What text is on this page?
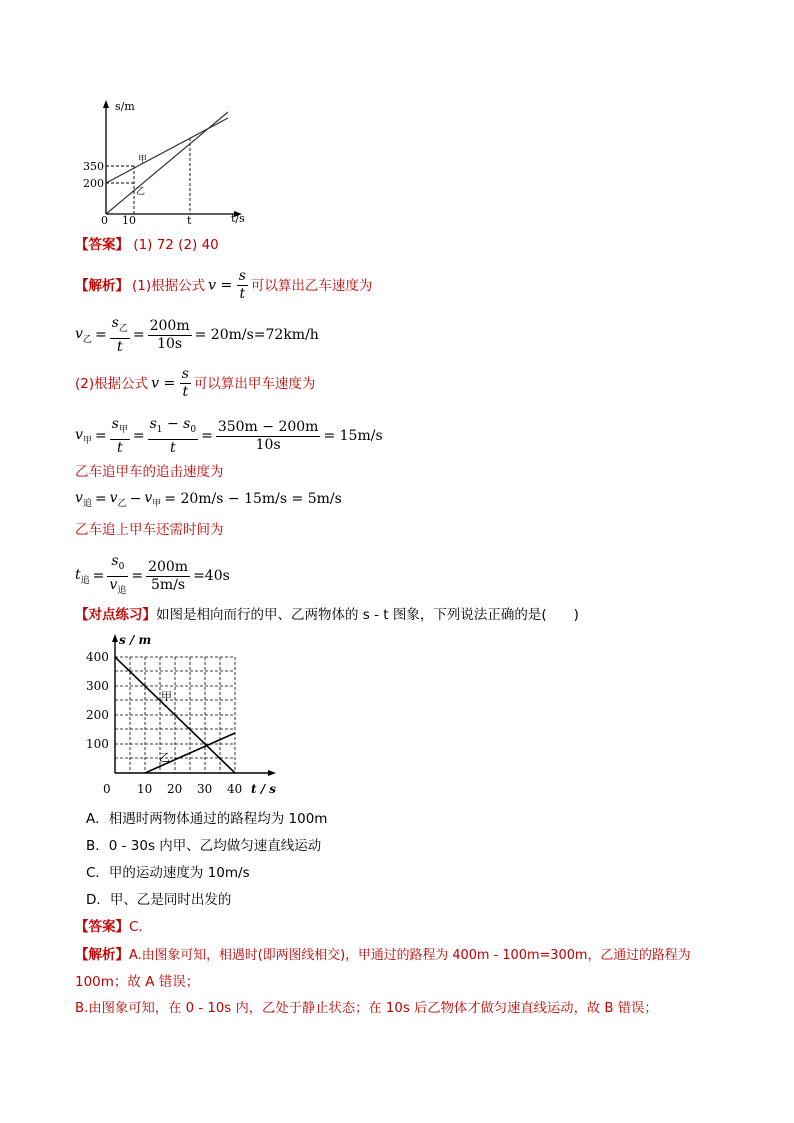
s/m
t/s
350
200
0 10	t
甲
乙
【答案】 (1) 72 (2) 40
【解析】 (1)根据公式 $v = \frac{s}{t}$ 可以算出乙车速度为
$v_乙 = \frac{s_乙}{t} = \frac{200m}{10s} = 20m/s=72km/h$
(2)根据公式 $v = \frac{s}{t}$ 可以算出甲车速度为
$v_甲 = \frac{s_甲}{t} = \frac{s_1 - s_0}{t} = \frac{350m - 200m}{10s} = 15m/s$
乙车追甲车的追击速度为
$v_追 = v_乙 - v_甲 = 20m/s - 15m/s = 5m/s$
乙车追上甲车还需时间为
$t_追 = \frac{s_0}{v_追} = \frac{200m}{5m/s} =40s$
【对点练习】如图是相向而行的甲、乙两物体的 s - t 图象，下列说法正确的是(　　)
s / m
t / s
400
300
200
100
0 10 20 30 40
甲
乙
A．相遇时两物体通过的路程均为 100m
B．0 - 30s 内甲、乙均做匀速直线运动
C．甲的运动速度为 10m/s
D．甲、乙是同时出发的
【答案】C．
【解析】A.由图象可知，相遇时(即两图线相交)，甲通过的路程为 400m - 100m=300m，乙通过的路程为
100m；故 A 错误；
B.由图象可知，在 0 - 10s 内，乙处于静止状态；在 10s 后乙物体才做匀速直线运动，故 B 错误；
